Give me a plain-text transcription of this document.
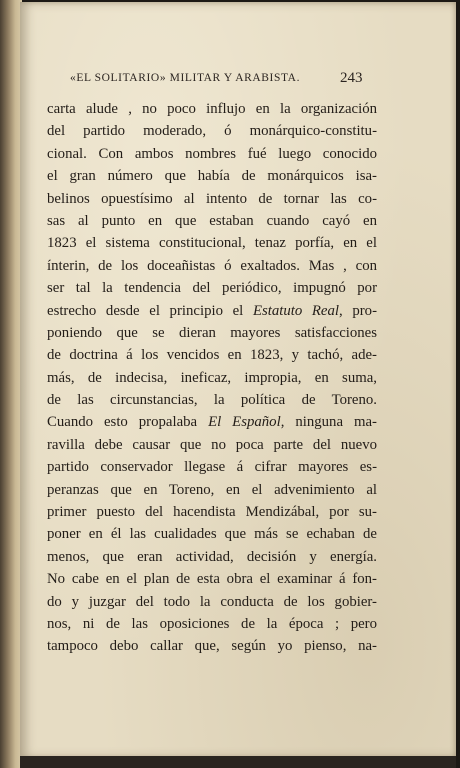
«EL SOLITARIO» MILITAR Y ARABISTA.	243
carta alude , no poco influjo en la organización
del partido moderado, ó monárquico-constitu-
cional. Con ambos nombres fué luego conocido
el gran número que había de monárquicos isa-
belinos opuestísimo al intento de tornar las co-
sas al punto en que estaban cuando cayó en
1823 el sistema constitucional, tenaz porfía, en el
ínterin, de los doceañistas ó exaltados. Mas , con
ser tal la tendencia del periódico, impugnó por
estrecho desde el principio el Estatuto Real, pro-
poniendo que se dieran mayores satisfacciones
de doctrina á los vencidos en 1823, y tachó, ade-
más, de indecisa, ineficaz, impropia, en suma,
de las circunstancias, la política de Toreno.
Cuando esto propalaba El Español, ninguna ma-
ravilla debe causar que no poca parte del nuevo
partido conservador llegase á cifrar mayores es-
peranzas que en Toreno, en el advenimiento al
primer puesto del hacendista Mendizábal, por su-
poner en él las cualidades que más se echaban de
menos, que eran actividad, decisión y energía.
No cabe en el plan de esta obra el examinar á fon-
do y juzgar del todo la conducta de los gobier-
nos, ni de las oposiciones de la época ; pero
tampoco debo callar que, según yo pienso, na-
